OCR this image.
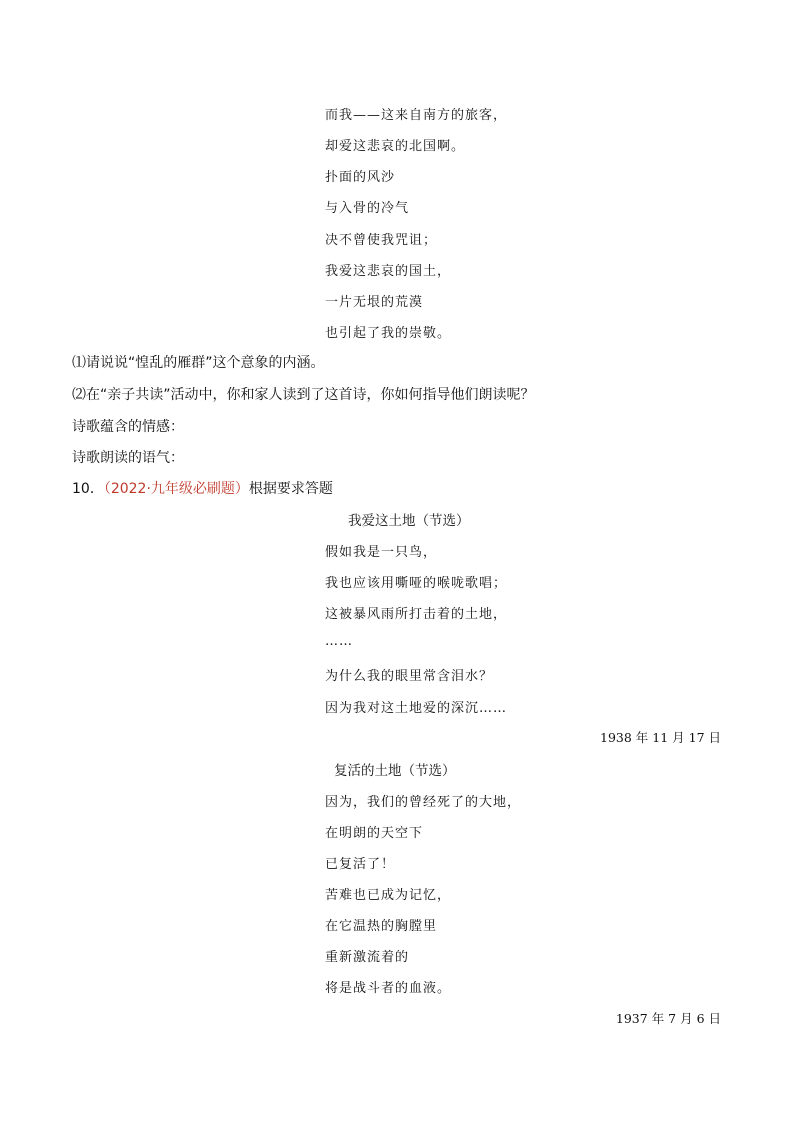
而我——这来自南方的旅客，
却爱这悲哀的北国啊。
扑面的风沙
与入骨的冷气
决不曾使我咒诅；
我爱这悲哀的国土，
一片无垠的荒漠
也引起了我的崇敬。
⑴请说说“惶乱的雁群”这个意象的内涵。
⑵在“亲子共读”活动中，你和家人读到了这首诗，你如何指导他们朗读呢？
诗歌蕴含的情感：
诗歌朗读的语气：
10．（2022·九年级必刷题）根据要求答题
我爱这土地（节选）
假如我是一只鸟，
我也应该用嘶哑的喉咙歌唱；
这被暴风雨所打击着的土地，
……
为什么我的眼里常含泪水？
因为我对这土地爱的深沉……
1938 年 11 月 17 日
复活的土地（节选）
因为，我们的曾经死了的大地，
在明朗的天空下
已复活了！
苦难也已成为记忆，
在它温热的胸膛里
重新激流着的
将是战斗者的血液。
1937 年 7 月 6 日
